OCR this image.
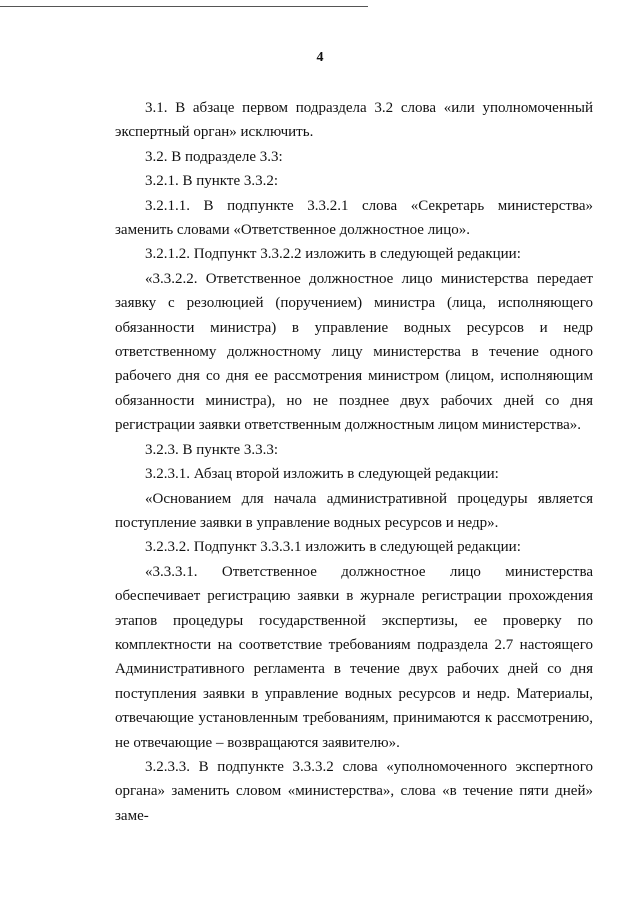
4

3.1. В абзаце первом подраздела 3.2 слова «или уполномоченный экспертный орган» исключить.

3.2. В подразделе 3.3:

3.2.1. В пункте 3.3.2:

3.2.1.1. В подпункте 3.3.2.1 слова «Секретарь министерства» заменить словами «Ответственное должностное лицо».

3.2.1.2. Подпункт 3.3.2.2 изложить в следующей редакции:

«3.3.2.2. Ответственное должностное лицо министерства передает заявку с резолюцией (поручением) министра (лица, исполняющего обязанности министра) в управление водных ресурсов и недр ответственному должностному лицу министерства в течение одного рабочего дня со дня ее рассмотрения министром (лицом, исполняющим обязанности министра), но не позднее двух рабочих дней со дня регистрации заявки ответственным должностным лицом министерства».

3.2.3. В пункте 3.3.3:

3.2.3.1. Абзац второй изложить в следующей редакции:

«Основанием для начала административной процедуры является поступление заявки в управление водных ресурсов и недр».

3.2.3.2. Подпункт 3.3.3.1 изложить в следующей редакции:

«3.3.3.1. Ответственное должностное лицо министерства обеспечивает регистрацию заявки в журнале регистрации прохождения этапов процедуры государственной экспертизы, ее проверку по комплектности на соответствие требованиям подраздела 2.7 настоящего Административного регламента в течение двух рабочих дней со дня поступления заявки в управление водных ресурсов и недр. Материалы, отвечающие установленным требованиям, принимаются к рассмотрению, не отвечающие – возвращаются заявителю».

3.2.3.3. В подпункте 3.3.3.2 слова «уполномоченного экспертного органа» заменить словом «министерства», слова «в течение пяти дней» заме-
